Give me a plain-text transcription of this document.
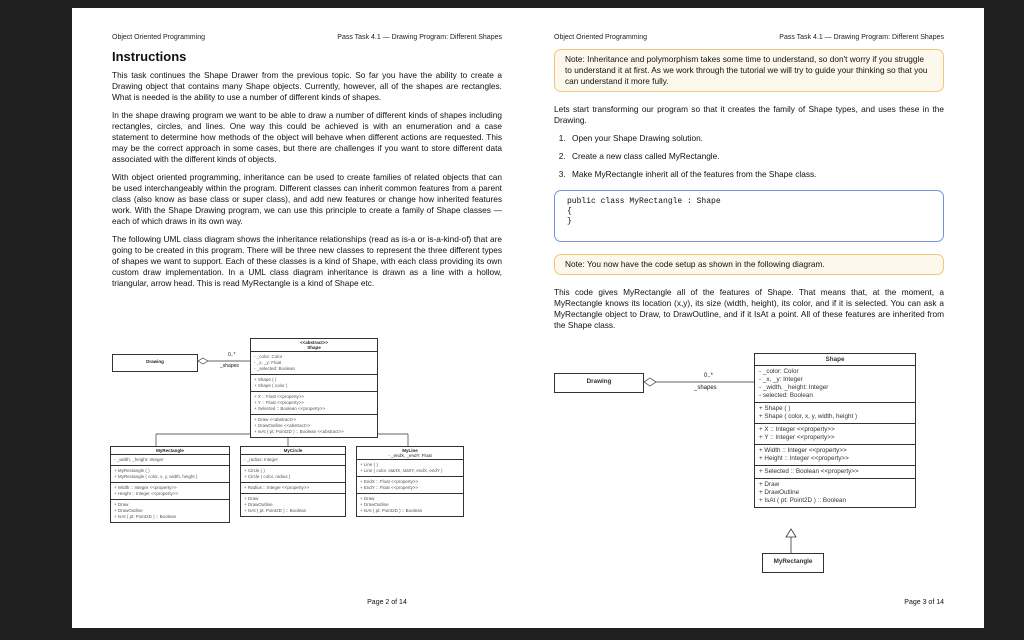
Object Oriented Programming	Pass Task 4.1 — Drawing Program: Different Shapes
Instructions

This task continues the Shape Drawer from the previous topic. So far you have the ability to create a Drawing object that contains many Shape objects. Currently, however, all of the shapes are rectangles. What is needed is the ability to use a number of different kinds of shapes.

In the shape drawing program we want to be able to draw a number of different kinds of shapes including rectangles, circles, and lines. One way this could be achieved is with an enumeration and a case statement to determine how methods of the object will behave when different actions are requested. This may be the correct approach in some cases, but there are challenges if you want to store different data associated with the different kinds of objects.

With object oriented programming, inheritance can be used to create families of related objects that can be used interchangeably within the program. Different classes can inherit common features from a parent class (also know as base class or super class), and add new features or change how inherited features work. With the Shape Drawing program, we can use this principle to create a family of Shape classes — each of which draws in its own way.

The following UML class diagram shows the inheritance relationships (read as is-a or is-a-kind-of) that are going to be created in this program. There will be three new classes to represent the three different types of shapes we want to support. Each of these classes is a kind of Shape, with each class providing its own custom draw implementation. In a UML class diagram inheritance is drawn as a line with a hollow, triangular, arrow head. This is read MyRectangle is a kind of Shape etc.

Drawing
0..*
_shapes
<<abstract>>
Shape
- _color: Color
- _x, _y: Float
- _selected: Boolean
+ Shape ( )
+ Shape ( color )
+ X :: Float <<property>>
+ Y :: Float <<property>>
+ Selected :: Boolean <<property>>
+ Draw <<abstract>>
+ DrawOutline <<abstract>>
+ IsAt ( pt: Point2D ) :: Boolean <<abstract>>
MyRectangle
- _width, _height: Integer
+ MyRectangle ( )
+ MyRectangle ( color, x, y, width, height )
+ Width :: Integer <<property>>
+ Height :: Integer <<property>>
+ Draw
+ DrawOutline
+ IsAt ( pt: Point2D ) :: Boolean
MyCircle
- _radius: Integer
+ Circle ( )
+ Circle ( color, radius )
+ Radius :: Integer <<property>>
+ Draw
+ DrawOutline
+ IsAt ( pt: Point2D ) :: Boolean
MyLine
- _endX, _endY: Float
+ Line ( )
+ Line ( color, startX, startY, endX, endY )
+ EndX :: Float <<property>>
+ EndY :: Float <<property>>
+ Draw
+ DrawOutline
+ IsAt ( pt: Point2D ) :: Boolean
Page 2 of 14
Object Oriented Programming	Pass Task 4.1 — Drawing Program: Different Shapes
Note: Inheritance and polymorphism takes some time to understand, so don't worry if you struggle to understand it at first. As we work through the tutorial we will try to guide your thinking so that you can understand it more fully.

Lets start transforming our program so that it creates the family of Shape types, and uses these in the Drawing.

1. Open your Shape Drawing solution.
2. Create a new class called MyRectangle.
3. Make MyRectangle inherit all of the features from the Shape class.
public class MyRectangle : Shape
{
}
Note: You now have the code setup as shown in the following diagram.

This code gives MyRectangle all of the features of Shape. That means that, at the moment, a MyRectangle knows its location (x,y), its size (width, height), its color, and if it is selected. You can ask a MyRectangle object to Draw, to DrawOutline, and if it IsAt a point. All of these features are inherited from the Shape class.

Drawing
0..*
_shapes
Shape
- _color: Color
- _x, _y: Integer
- _width, _height: Integer
- selected: Boolean
+ Shape ( )
+ Shape ( color, x, y, width, height )
+ X :: Integer <<property>>
+ Y :: Integer <<property>>
+ Width :: Integer <<property>>
+ Height :: Integer <<property>>
+ Selected :: Boolean <<property>>
+ Draw
+ DrawOutline
+ IsAt ( pt: Point2D ) :: Boolean
MyRectangle
Page 3 of 14
